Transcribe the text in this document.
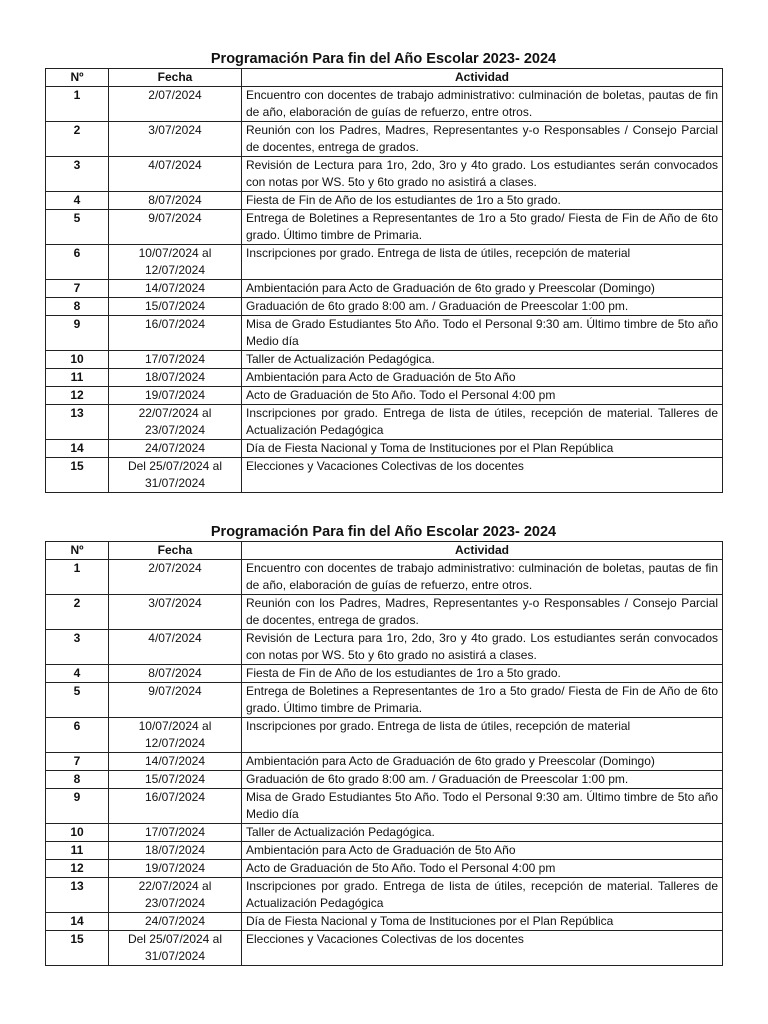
Programación Para fin del Año Escolar 2023- 2024
Nº	Fecha	Actividad
1	2/07/2024	Encuentro con docentes de trabajo administrativo: culminación de boletas, pautas de fin de año, elaboración de guías de refuerzo, entre otros.
2	3/07/2024	Reunión con los Padres, Madres, Representantes y-o Responsables / Consejo Parcial de docentes, entrega de grados.
3	4/07/2024	Revisión de Lectura para 1ro, 2do, 3ro y 4to grado. Los estudiantes serán convocados con notas por WS. 5to y 6to grado no asistirá a clases.
4	8/07/2024	Fiesta de Fin de Año de los estudiantes de 1ro a 5to grado.
5	9/07/2024	Entrega de Boletines a Representantes de 1ro a 5to grado/ Fiesta de Fin de Año de 6to grado. Último timbre de Primaria.
6	10/07/2024 al 12/07/2024	Inscripciones por grado. Entrega de lista de útiles, recepción de material
7	14/07/2024	Ambientación para Acto de Graduación de 6to grado y Preescolar (Domingo)
8	15/07/2024	Graduación de 6to grado 8:00 am. / Graduación de Preescolar 1:00 pm.
9	16/07/2024	Misa de Grado Estudiantes 5to Año. Todo el Personal 9:30 am. Último timbre de 5to año Medio día
10	17/07/2024	Taller de Actualización Pedagógica.
11	18/07/2024	Ambientación para Acto de Graduación de 5to Año
12	19/07/2024	Acto de Graduación de 5to Año. Todo el Personal 4:00 pm
13	22/07/2024 al 23/07/2024	Inscripciones por grado. Entrega de lista de útiles, recepción de material. Talleres de Actualización Pedagógica
14	24/07/2024	Día de Fiesta Nacional y Toma de Instituciones por el Plan República
15	Del 25/07/2024 al 31/07/2024	Elecciones y Vacaciones Colectivas de los docentes
Programación Para fin del Año Escolar 2023- 2024
Nº	Fecha	Actividad
1	2/07/2024	Encuentro con docentes de trabajo administrativo: culminación de boletas, pautas de fin de año, elaboración de guías de refuerzo, entre otros.
2	3/07/2024	Reunión con los Padres, Madres, Representantes y-o Responsables / Consejo Parcial de docentes, entrega de grados.
3	4/07/2024	Revisión de Lectura para 1ro, 2do, 3ro y 4to grado. Los estudiantes serán convocados con notas por WS. 5to y 6to grado no asistirá a clases.
4	8/07/2024	Fiesta de Fin de Año de los estudiantes de 1ro a 5to grado.
5	9/07/2024	Entrega de Boletines a Representantes de 1ro a 5to grado/ Fiesta de Fin de Año de 6to grado. Último timbre de Primaria.
6	10/07/2024 al 12/07/2024	Inscripciones por grado. Entrega de lista de útiles, recepción de material
7	14/07/2024	Ambientación para Acto de Graduación de 6to grado y Preescolar (Domingo)
8	15/07/2024	Graduación de 6to grado 8:00 am. / Graduación de Preescolar 1:00 pm.
9	16/07/2024	Misa de Grado Estudiantes 5to Año. Todo el Personal 9:30 am. Último timbre de 5to año Medio día
10	17/07/2024	Taller de Actualización Pedagógica.
11	18/07/2024	Ambientación para Acto de Graduación de 5to Año
12	19/07/2024	Acto de Graduación de 5to Año. Todo el Personal 4:00 pm
13	22/07/2024 al 23/07/2024	Inscripciones por grado. Entrega de lista de útiles, recepción de material. Talleres de Actualización Pedagógica
14	24/07/2024	Día de Fiesta Nacional y Toma de Instituciones por el Plan República
15	Del 25/07/2024 al 31/07/2024	Elecciones y Vacaciones Colectivas de los docentes
